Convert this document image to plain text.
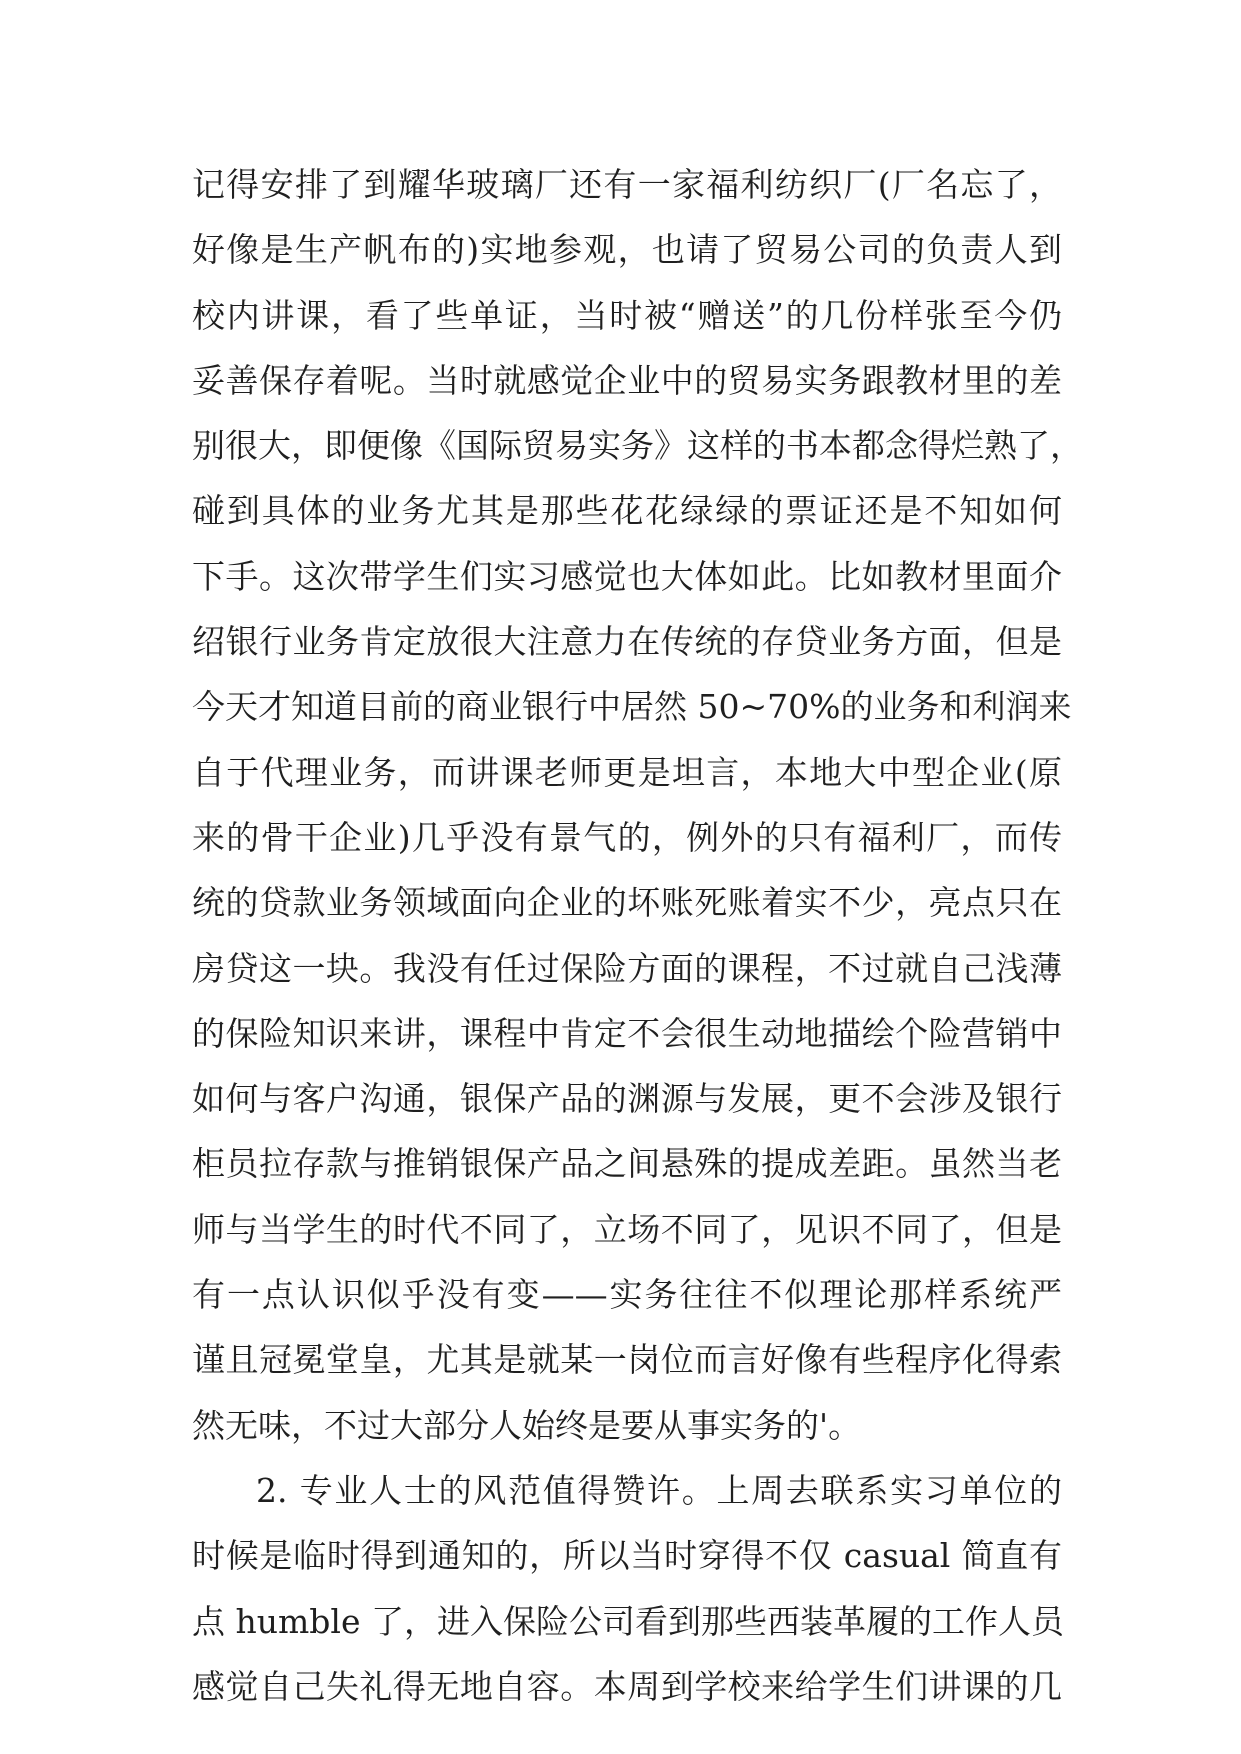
记得安排了到耀华玻璃厂还有一家福利纺织厂(厂名忘了，
好像是生产帆布的)实地参观，也请了贸易公司的负责人到
校内讲课，看了些单证，当时被“赠送”的几份样张至今仍
妥善保存着呢。当时就感觉企业中的贸易实务跟教材里的差
别很大，即便像《国际贸易实务》这样的书本都念得烂熟了，
碰到具体的业务尤其是那些花花绿绿的票证还是不知如何
下手。这次带学生们实习感觉也大体如此。比如教材里面介
绍银行业务肯定放很大注意力在传统的存贷业务方面，但是
今天才知道目前的商业银行中居然 50~70%的业务和利润来
自于代理业务，而讲课老师更是坦言，本地大中型企业(原
来的骨干企业)几乎没有景气的，例外的只有福利厂，而传
统的贷款业务领域面向企业的坏账死账着实不少，亮点只在
房贷这一块。我没有任过保险方面的课程，不过就自己浅薄
的保险知识来讲，课程中肯定不会很生动地描绘个险营销中
如何与客户沟通，银保产品的渊源与发展，更不会涉及银行
柜员拉存款与推销银保产品之间悬殊的提成差距。虽然当老
师与当学生的时代不同了，立场不同了，见识不同了，但是
有一点认识似乎没有变——实务往往不似理论那样系统严
谨且冠冕堂皇，尤其是就某一岗位而言好像有些程序化得索
然无味，不过大部分人始终是要从事实务的'。
2. 专业人士的风范值得赞许。上周去联系实习单位的
时候是临时得到通知的，所以当时穿得不仅 casual 简直有
点 humble 了，进入保险公司看到那些西装革履的工作人员
感觉自己失礼得无地自容。本周到学校来给学生们讲课的几
